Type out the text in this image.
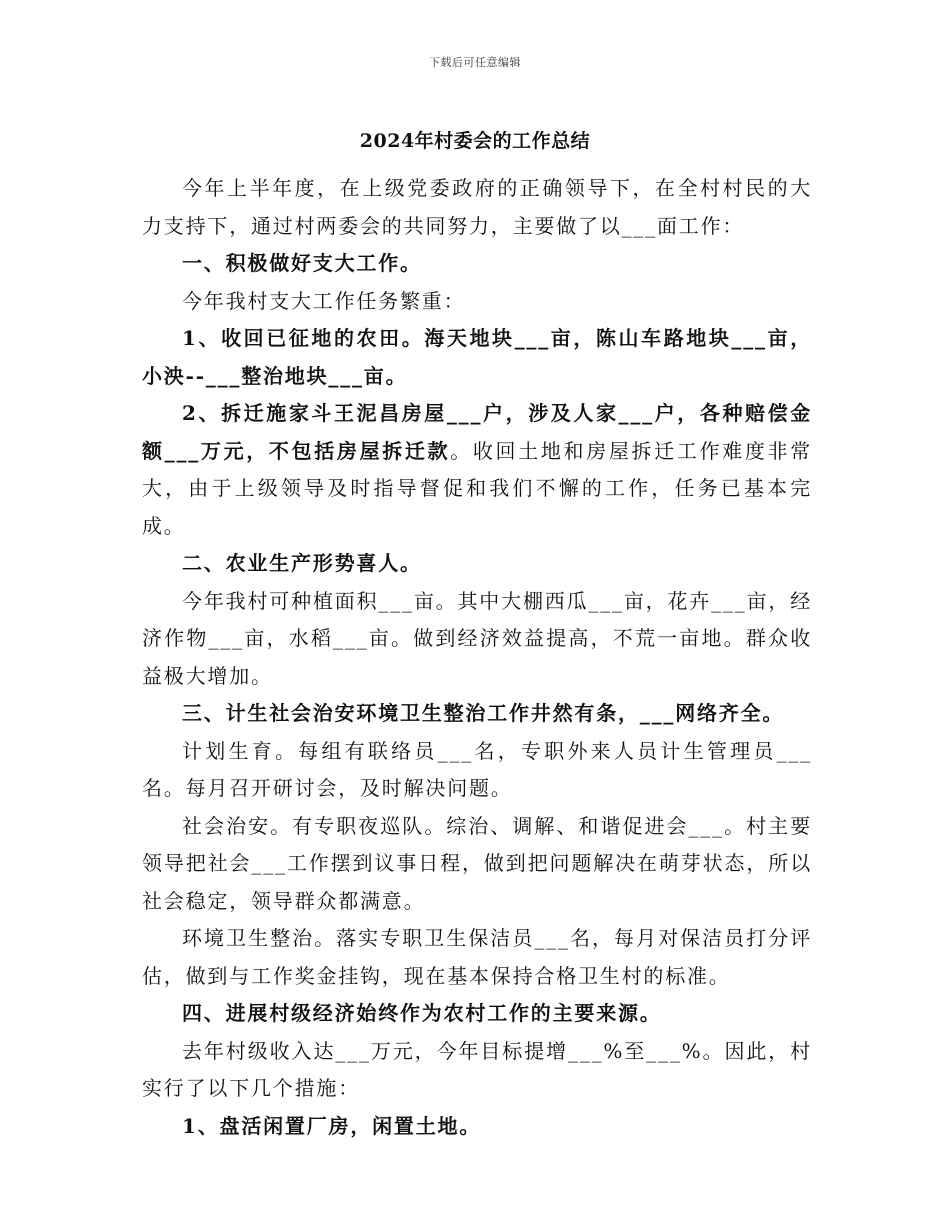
下载后可任意编辑
2024年村委会的工作总结

今年上半年度，在上级党委政府的正确领导下，在全村村民的大力支持下，通过村两委会的共同努力，主要做了以___面工作：

一、积极做好支大工作。

今年我村支大工作任务繁重：

1、收回已征地的农田。海天地块___亩，陈山车路地块___亩，小泱--___整治地块___亩。

2、拆迁施家斗王泥昌房屋___户，涉及人家___户，各种赔偿金额___万元，不包括房屋拆迁款。收回土地和房屋拆迁工作难度非常大，由于上级领导及时指导督促和我们不懈的工作，任务已基本完成。

二、农业生产形势喜人。

今年我村可种植面积___亩。其中大棚西瓜___亩，花卉___亩，经济作物___亩，水稻___亩。做到经济效益提高，不荒一亩地。群众收益极大增加。

三、计生社会治安环境卫生整治工作井然有条，___网络齐全。

计划生育。每组有联络员___名，专职外来人员计生管理员___名。每月召开研讨会，及时解决问题。

社会治安。有专职夜巡队。综治、调解、和谐促进会___。村主要领导把社会___工作摆到议事日程，做到把问题解决在萌芽状态，所以社会稳定，领导群众都满意。

环境卫生整治。落实专职卫生保洁员___名，每月对保洁员打分评估，做到与工作奖金挂钩，现在基本保持合格卫生村的标准。

四、进展村级经济始终作为农村工作的主要来源。

去年村级收入达___万元，今年目标提增___%至___%。因此，村实行了以下几个措施：

1、盘活闲置厂房，闲置土地。
